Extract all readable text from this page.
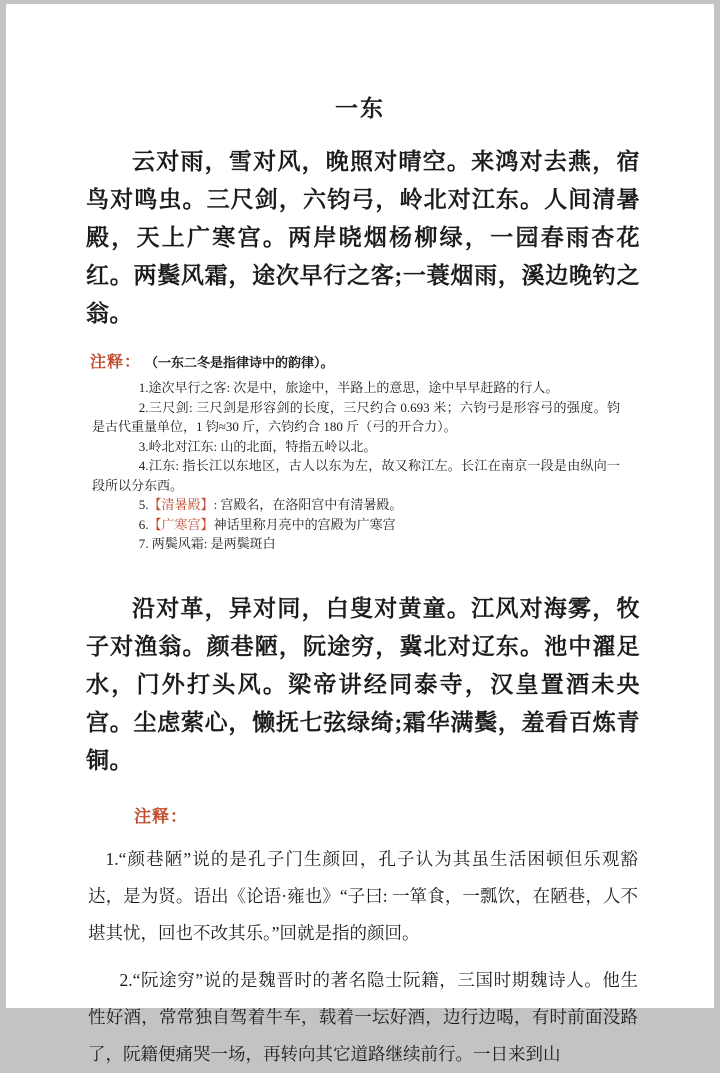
一东

云对雨，雪对风，晚照对晴空。来鸿对去燕，宿鸟对鸣虫。三尺剑，六钧弓，岭北对江东。人间清暑殿，天上广寒宫。两岸晓烟杨柳绿，一园春雨杏花红。两鬓风霜，途次早行之客;一蓑烟雨，溪边晚钓之翁。

注释： （一东二冬是指律诗中的韵律）。

1.途次早行之客: 次是中，旅途中，半路上的意思，途中早早赶路的行人。

2.三尺剑: 三尺剑是形容剑的长度，三尺约合 0.693 米；六钧弓是形容弓的强度。钧是古代重量单位，1 钧≈30 斤，六钧约合 180 斤（弓的开合力）。

3.岭北对江东: 山的北面，特指五岭以北。

4.江东: 指长江以东地区，古人以东为左，故又称江左。长江在南京一段是由纵向一段所以分东西。

5.【清暑殿】: 宫殿名，在洛阳宫中有清暑殿。

6.【广寒宫】神话里称月亮中的宫殿为广寒宫

7. 两鬓风霜: 是两鬓斑白

沿对革，异对同，白叟对黄童。江风对海雾，牧子对渔翁。颜巷陋，阮途穷，冀北对辽东。池中濯足水，门外打头风。梁帝讲经同泰寺，汉皇置酒未央宫。尘虑萦心，懒抚七弦绿绮;霜华满鬓，羞看百炼青铜。

注释：

1.“颜巷陋”说的是孔子门生颜回，孔子认为其虽生活困顿但乐观豁达，是为贤。语出《论语·雍也》“子曰: 一箪食，一瓢饮，在陋巷，人不堪其忧，回也不改其乐。”回就是指的颜回。

2.“阮途穷”说的是魏晋时的著名隐士阮籍，三国时期魏诗人。他生性好酒，常常独自驾着牛车，载着一坛好酒，边行边喝，有时前面没路了，阮籍便痛哭一场，再转向其它道路继续前行。一日来到山
